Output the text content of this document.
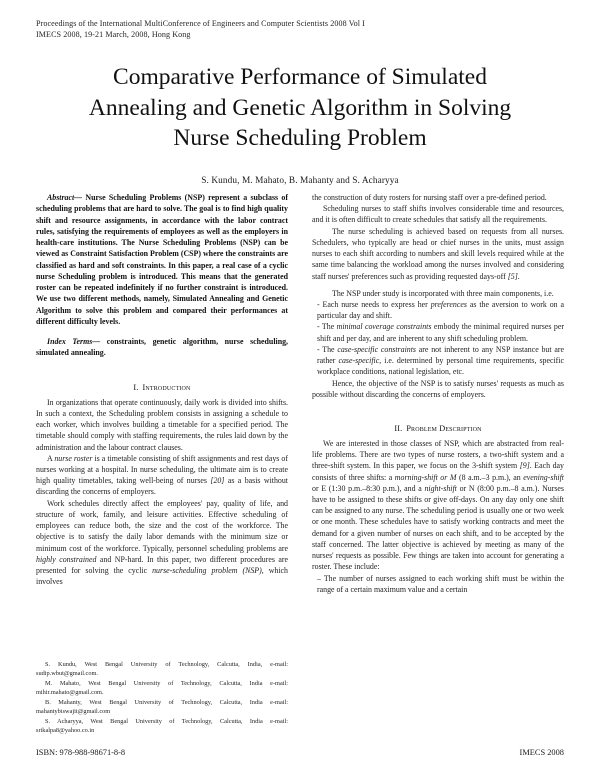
Proceedings of the International MultiConference of Engineers and Computer Scientists 2008 Vol I
IMECS 2008, 19-21 March, 2008, Hong Kong
Comparative Performance of Simulated
Annealing and Genetic Algorithm in Solving
Nurse Scheduling Problem
S. Kundu, M. Mahato, B. Mahanty and S. Acharyya

Abstract— Nurse Scheduling Problems (NSP) represent a subclass of scheduling problems that are hard to solve. The goal is to find high quality shift and resource assignments, in accordance with the labor contract rules, satisfying the requirements of employees as well as the employers in health-care institutions. The Nurse Scheduling Problems (NSP) can be viewed as Constraint Satisfaction Problem (CSP) where the constraints are classified as hard and soft constraints. In this paper, a real case of a cyclic nurse Scheduling problem is introduced. This means that the generated roster can be repeated indefinitely if no further constraint is introduced. We use two different methods, namely, Simulated Annealing and Genetic Algorithm to solve this problem and compared their performances at different difficulty levels.

Index Terms— constraints, genetic algorithm, nurse scheduling, simulated annealing.

I. Introduction

In organizations that operate continuously, daily work is divided into shifts. In such a context, the Scheduling problem consists in assigning a schedule to each worker, which involves building a timetable for a specified period. The timetable should comply with staffing requirements, the rules laid down by the administration and the labour contract clauses.

A nurse roster is a timetable consisting of shift assignments and rest days of nurses working at a hospital. In nurse scheduling, the ultimate aim is to create high quality timetables, taking well-being of nurses [20] as a basis without discarding the concerns of employers.

Work schedules directly affect the employees' pay, quality of life, and structure of work, family, and leisure activities. Effective scheduling of employees can reduce both, the size and the cost of the workforce. The objective is to satisfy the daily labor demands with the minimum size or minimum cost of the workforce. Typically, personnel scheduling problems are highly constrained and NP-hard. In this paper, two different procedures are presented for solving the cyclic nurse-scheduling problem (NSP), which involves

S. Kundu, West Bengal University of Technology, Calcutta, India, e-mail: sudip.wbut@gmail.com.

M. Mahato, West Bengal University of Technology, Calcutta, India e-mail: mihir.mahato@gmail.com.

B. Mahanty, West Bengal University of Technology, Calcutta, India e-mail: mahantybiswajit@gmail.com

S. Acharyya, West Bengal University of Technology, Calcutta, India e-mail: srikalpa8@yahoo.co.in

the construction of duty rosters for nursing staff over a pre-defined period.

Scheduling nurses to staff shifts involves considerable time and resources, and it is often difficult to create schedules that satisfy all the requirements.

The nurse scheduling is achieved based on requests from all nurses. Schedulers, who typically are head or chief nurses in the units, must assign nurses to each shift according to numbers and skill levels required while at the same time balancing the workload among the nurses involved and considering staff nurses' preferences such as providing requested days-off [5].

The NSP under study is incorporated with three main components, i.e.

- Each nurse needs to express her preferences as the aversion to work on a particular day and shift.

- The minimal coverage constraints embody the minimal required nurses per shift and per day, and are inherent to any shift scheduling problem.

- The case-specific constraints are not inherent to any NSP instance but are rather case-specific, i.e. determined by personal time requirements, specific workplace conditions, national legislation, etc.

Hence, the objective of the NSP is to satisfy nurses' requests as much as possible without discarding the concerns of employers.

II. Problem Description

We are interested in those classes of NSP, which are abstracted from real-life problems. There are two types of nurse rosters, a two-shift system and a three-shift system. In this paper, we focus on the 3-shift system [9]. Each day consists of three shifts: a morning-shift or M (8 a.m.–3 p.m.), an evening-shift or E (1:30 p.m.–8:30 p.m.), and a night-shift or N (8:00 p.m.–8 a.m.). Nurses have to be assigned to these shifts or give off-days. On any day only one shift can be assigned to any nurse. The scheduling period is usually one or two week or one month. These schedules have to satisfy working contracts and meet the demand for a given number of nurses on each shift, and to be accepted by the staff concerned. The latter objective is achieved by meeting as many of the nurses' requests as possible. Few things are taken into account for generating a roster. These include:

– The number of nurses assigned to each working shift must be within the range of a certain maximum value and a certain

ISBN: 978-988-98671-8-8	IMECS 2008
